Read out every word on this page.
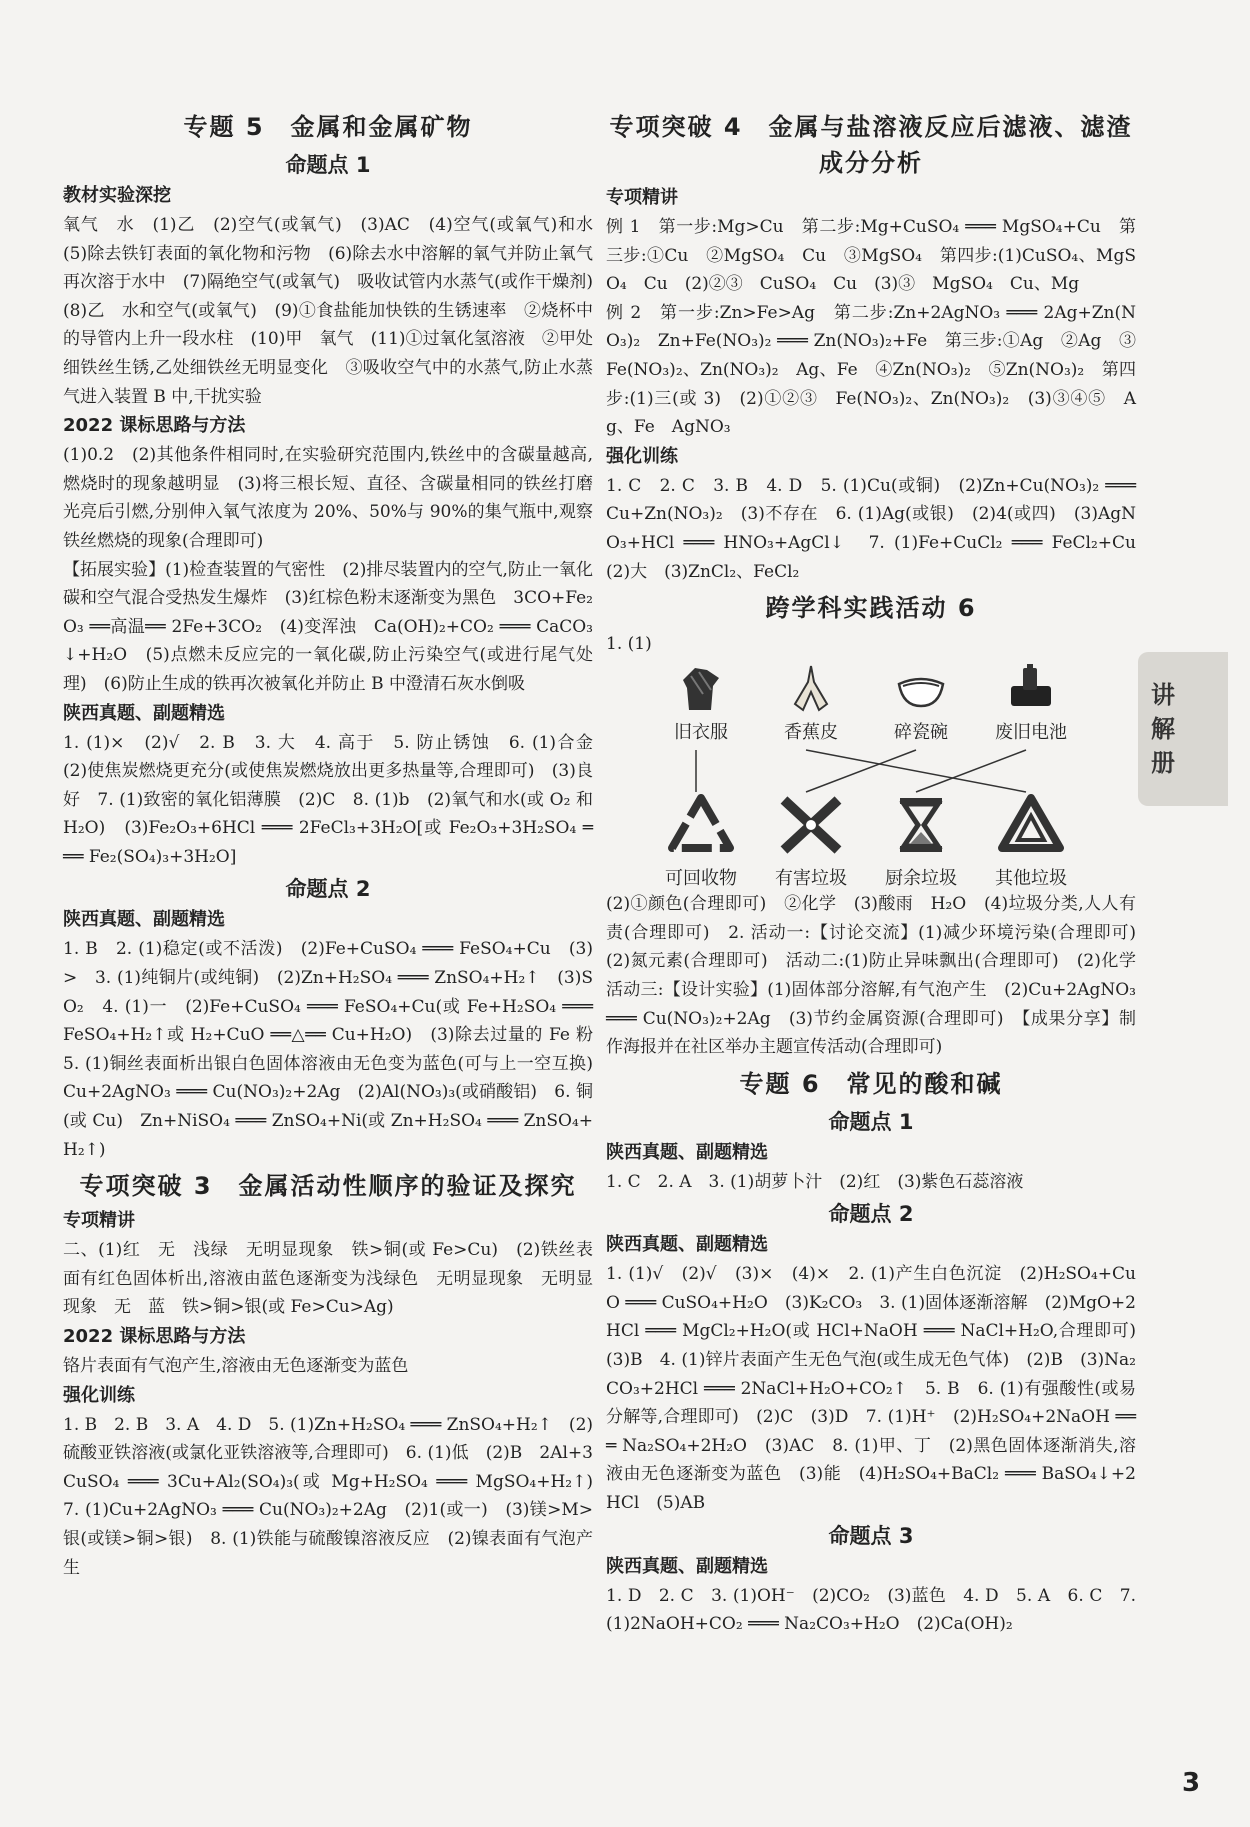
专题 5　金属和金属矿物
命题点 1
教材实验深挖

氧气　水　(1)乙　(2)空气(或氧气)　(3)AC　(4)空气(或氧气)和水　(5)除去铁钉表面的氧化物和污物　(6)除去水中溶解的氧气并防止氧气再次溶于水中　(7)隔绝空气(或氧气)　吸收试管内水蒸气(或作干燥剂)　(8)乙　水和空气(或氧气)　(9)①食盐能加快铁的生锈速率　②烧杯中的导管内上升一段水柱　(10)甲　氧气　(11)①过氧化氢溶液　②甲处细铁丝生锈,乙处细铁丝无明显变化　③吸收空气中的水蒸气,防止水蒸气进入装置 B 中,干扰实验

2022 课标思路与方法

(1)0.2　(2)其他条件相同时,在实验研究范围内,铁丝中的含碳量越高,燃烧时的现象越明显　(3)将三根长短、直径、含碳量相同的铁丝打磨光亮后引燃,分别伸入氧气浓度为 20%、50%与 90%的集气瓶中,观察铁丝燃烧的现象(合理即可)

【拓展实验】(1)检查装置的气密性　(2)排尽装置内的空气,防止一氧化碳和空气混合受热发生爆炸　(3)红棕色粉末逐渐变为黑色　3CO+Fe₂O₃ ══高温══ 2Fe+3CO₂　(4)变浑浊　Ca(OH)₂+CO₂ ═══ CaCO₃↓+H₂O　(5)点燃未反应完的一氧化碳,防止污染空气(或进行尾气处理)　(6)防止生成的铁再次被氧化并防止 B 中澄清石灰水倒吸

陕西真题、副题精选

1. (1)×　(2)√　2. B　3. 大　4. 高于　5. 防止锈蚀　6. (1)合金　(2)使焦炭燃烧更充分(或使焦炭燃烧放出更多热量等,合理即可)　(3)良好　7. (1)致密的氧化铝薄膜　(2)C　8. (1)b　(2)氧气和水(或 O₂ 和 H₂O)　(3)Fe₂O₃+6HCl ═══ 2FeCl₃+3H₂O[或 Fe₂O₃+3H₂SO₄ ═══ Fe₂(SO₄)₃+3H₂O]

命题点 2
陕西真题、副题精选

1. B　2. (1)稳定(或不活泼)　(2)Fe+CuSO₄ ═══ FeSO₄+Cu　(3)>　3. (1)纯铜片(或纯铜)　(2)Zn+H₂SO₄ ═══ ZnSO₄+H₂↑　(3)SO₂　4. (1)一　(2)Fe+CuSO₄ ═══ FeSO₄+Cu(或 Fe+H₂SO₄ ═══ FeSO₄+H₂↑或 H₂+CuO ══△══ Cu+H₂O)　(3)除去过量的 Fe 粉　5. (1)铜丝表面析出银白色固体溶液由无色变为蓝色(可与上一空互换)　Cu+2AgNO₃ ═══ Cu(NO₃)₂+2Ag　(2)Al(NO₃)₃(或硝酸铝)　6. 铜(或 Cu)　Zn+NiSO₄ ═══ ZnSO₄+Ni(或 Zn+H₂SO₄ ═══ ZnSO₄+H₂↑)

专项突破 3　金属活动性顺序的验证及探究
专项精讲

二、(1)红　无　浅绿　无明显现象　铁>铜(或 Fe>Cu)　(2)铁丝表面有红色固体析出,溶液由蓝色逐渐变为浅绿色　无明显现象　无明显现象　无　蓝　铁>铜>银(或 Fe>Cu>Ag)

2022 课标思路与方法

铬片表面有气泡产生,溶液由无色逐渐变为蓝色

强化训练

1. B　2. B　3. A　4. D　5. (1)Zn+H₂SO₄ ═══ ZnSO₄+H₂↑　(2)硫酸亚铁溶液(或氯化亚铁溶液等,合理即可)　6. (1)低　(2)B　2Al+3CuSO₄ ═══ 3Cu+Al₂(SO₄)₃(或 Mg+H₂SO₄ ═══ MgSO₄+H₂↑)　7. (1)Cu+2AgNO₃ ═══ Cu(NO₃)₂+2Ag　(2)1(或一)　(3)镁>M>银(或镁>铜>银)　8. (1)铁能与硫酸镍溶液反应　(2)镍表面有气泡产生

专项突破 4　金属与盐溶液反应后滤液、滤渣成分分析
专项精讲

例 1　第一步:Mg>Cu　第二步:Mg+CuSO₄ ═══ MgSO₄+Cu　第三步:①Cu　②MgSO₄　Cu　③MgSO₄　第四步:(1)CuSO₄、MgSO₄　Cu　(2)②③　CuSO₄　Cu　(3)③　MgSO₄　Cu、Mg

例 2　第一步:Zn>Fe>Ag　第二步:Zn+2AgNO₃ ═══ 2Ag+Zn(NO₃)₂　Zn+Fe(NO₃)₂ ═══ Zn(NO₃)₂+Fe　第三步:①Ag　②Ag　③Fe(NO₃)₂、Zn(NO₃)₂　Ag、Fe　④Zn(NO₃)₂　⑤Zn(NO₃)₂　第四步:(1)三(或 3)　(2)①②③　Fe(NO₃)₂、Zn(NO₃)₂　(3)③④⑤　Ag、Fe　AgNO₃

强化训练

1. C　2. C　3. B　4. D　5. (1)Cu(或铜)　(2)Zn+Cu(NO₃)₂ ═══ Cu+Zn(NO₃)₂　(3)不存在　6. (1)Ag(或银)　(2)4(或四)　(3)AgNO₃+HCl ═══ HNO₃+AgCl↓　7. (1)Fe+CuCl₂ ═══ FeCl₂+Cu　(2)大　(3)ZnCl₂、FeCl₂

跨学科实践活动 6
1. (1)
旧衣服	香蕉皮	碎瓷碗	废旧电池
可回收物	有害垃圾	厨余垃圾	其他垃圾

(2)①颜色(合理即可)　②化学　(3)酸雨　H₂O　(4)垃圾分类,人人有责(合理即可)　2. 活动一:【讨论交流】(1)减少环境污染(合理即可)　(2)氮元素(合理即可)　活动二:(1)防止异味飘出(合理即可)　(2)化学　活动三:【设计实验】(1)固体部分溶解,有气泡产生　(2)Cu+2AgNO₃ ═══ Cu(NO₃)₂+2Ag　(3)节约金属资源(合理即可)　【成果分享】制作海报并在社区举办主题宣传活动(合理即可)

专题 6　常见的酸和碱
命题点 1
陕西真题、副题精选

1. C　2. A　3. (1)胡萝卜汁　(2)红　(3)紫色石蕊溶液

命题点 2
陕西真题、副题精选

1. (1)√　(2)√　(3)×　(4)×　2. (1)产生白色沉淀　(2)H₂SO₄+CuO ═══ CuSO₄+H₂O　(3)K₂CO₃　3. (1)固体逐渐溶解　(2)MgO+2HCl ═══ MgCl₂+H₂O(或 HCl+NaOH ═══ NaCl+H₂O,合理即可)　(3)B　4. (1)锌片表面产生无色气泡(或生成无色气体)　(2)B　(3)Na₂CO₃+2HCl ═══ 2NaCl+H₂O+CO₂↑　5. B　6. (1)有强酸性(或易分解等,合理即可)　(2)C　(3)D　7. (1)H⁺　(2)H₂SO₄+2NaOH ═══ Na₂SO₄+2H₂O　(3)AC　8. (1)甲、丁　(2)黑色固体逐渐消失,溶液由无色逐渐变为蓝色　(3)能　(4)H₂SO₄+BaCl₂ ═══ BaSO₄↓+2HCl　(5)AB

命题点 3
陕西真题、副题精选

1. D　2. C　3. (1)OH⁻　(2)CO₂　(3)蓝色　4. D　5. A　6. C　7. (1)2NaOH+CO₂ ═══ Na₂CO₃+H₂O　(2)Ca(OH)₂

讲
解
册
3
